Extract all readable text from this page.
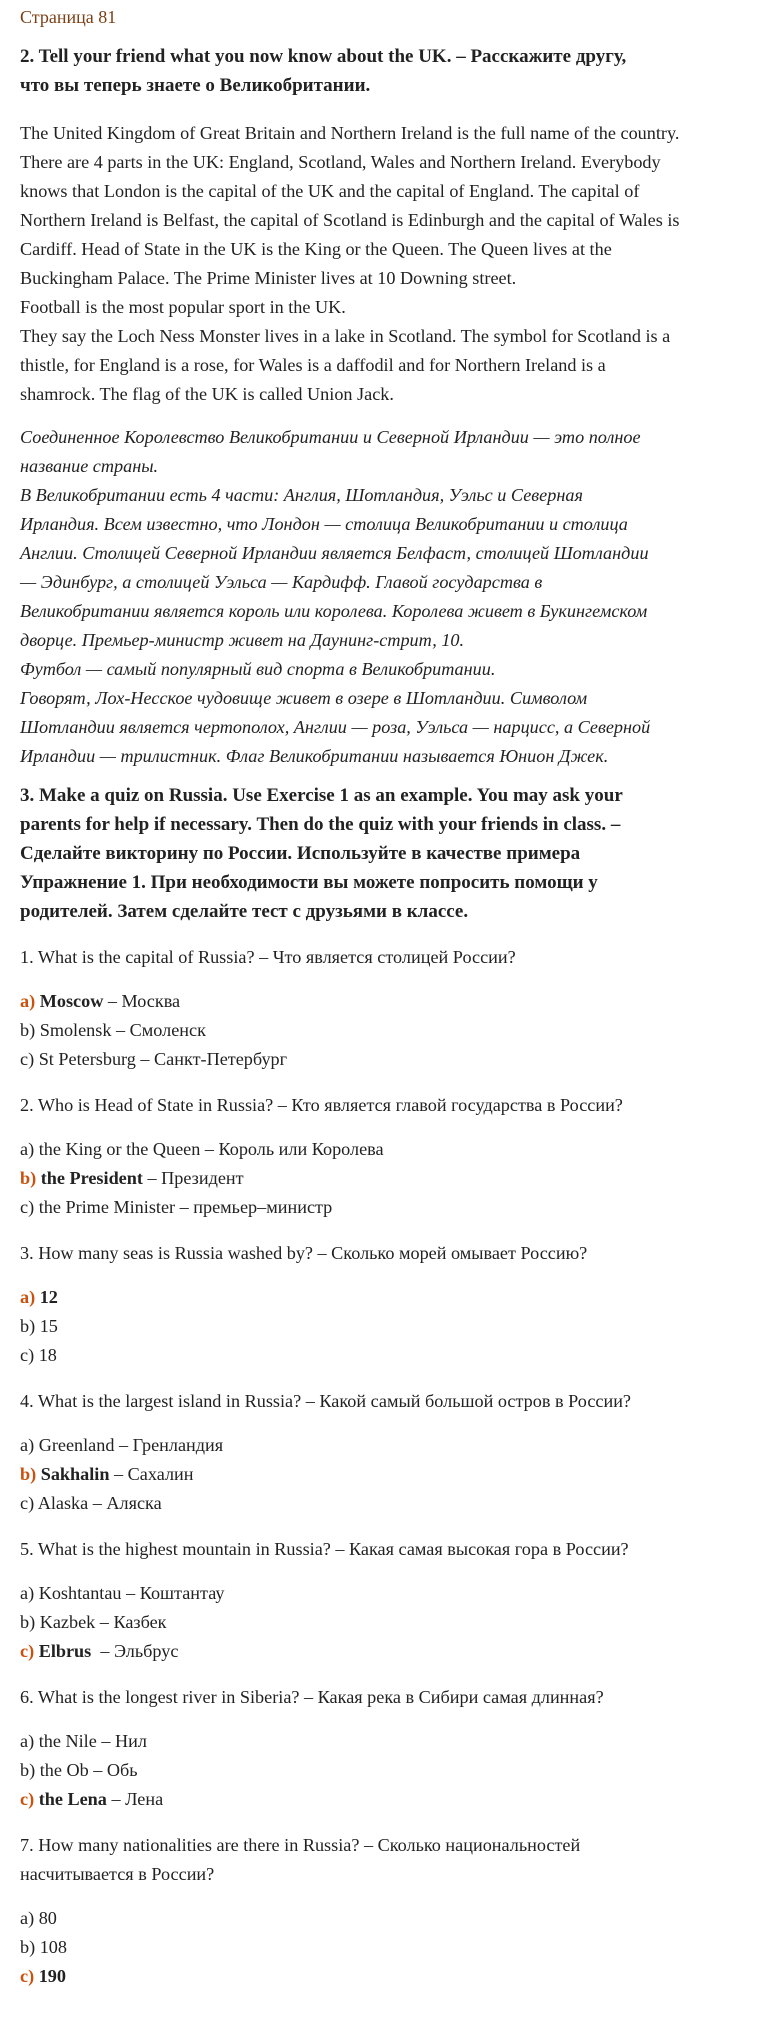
Страница 81
2. Tell your friend what you now know about the UK. – Расскажите другу,
что вы теперь знаете о Великобритании.
The United Kingdom of Great Britain and Northern Ireland is the full name of the country.
There are 4 parts in the UK: England, Scotland, Wales and Northern Ireland. Everybody
knows that London is the capital of the UK and the capital of England. The capital of
Northern Ireland is Belfast, the capital of Scotland is Edinburgh and the capital of Wales is
Cardiff. Head of State in the UK is the King or the Queen. The Queen lives at the
Buckingham Palace. The Prime Minister lives at 10 Downing street.
Football is the most popular sport in the UK.
They say the Loch Ness Monster lives in a lake in Scotland. The symbol for Scotland is a
thistle, for England is a rose, for Wales is a daffodil and for Northern Ireland is a
shamrock. The flag of the UK is called Union Jack.
Соединенное Королевство Великобритании и Северной Ирландии — это полное
название страны.
В Великобритании есть 4 части: Англия, Шотландия, Уэльс и Северная
Ирландия. Всем известно, что Лондон — столица Великобритании и столица
Англии. Столицей Северной Ирландии является Белфаст, столицей Шотландии
— Эдинбург, а столицей Уэльса — Кардифф. Главой государства в
Великобритании является король или королева. Королева живет в Букингемском
дворце. Премьер-министр живет на Даунинг-стрит, 10.
Футбол — самый популярный вид спорта в Великобритании.
Говорят, Лох-Несское чудовище живет в озере в Шотландии. Символом
Шотландии является чертополох, Англии — роза, Уэльса — нарцисс, а Северной
Ирландии — трилистник. Флаг Великобритании называется Юнион Джек.
3. Make a quiz on Russia. Use Exercise 1 as an example. You may ask your
parents for help if necessary. Then do the quiz with your friends in class. –
Сделайте викторину по России. Используйте в качестве примера
Упражнение 1. При необходимости вы можете попросить помощи у
родителей. Затем сделайте тест с друзьями в классе.
1. What is the capital of Russia? – Что является столицей России?
a) Moscow – Москва
b) Smolensk – Смоленск
c) St Petersburg – Санкт-Петербург
2. Who is Head of State in Russia? – Кто является главой государства в России?
a) the King or the Queen – Король или Королева
b) the President – Президент
c) the Prime Minister – премьер–министр
3. How many seas is Russia washed by? – Сколько морей омывает Россию?
a) 12
b) 15
c) 18
4. What is the largest island in Russia? – Какой самый большой остров в России?
a) Greenland – Гренландия
b) Sakhalin – Сахалин
c) Alaska – Аляска
5. What is the highest mountain in Russia? – Какая самая высокая гора в России?
a) Koshtantau – Коштантау
b) Kazbek – Казбек
c) Elbrus  – Эльбрус
6. What is the longest river in Siberia? – Какая река в Сибири самая длинная?
a) the Nile – Нил
b) the Ob – Обь
c) the Lena – Лена
7. How many nationalities are there in Russia? – Сколько национальностей
насчитывается в России?
a) 80
b) 108
c) 190
